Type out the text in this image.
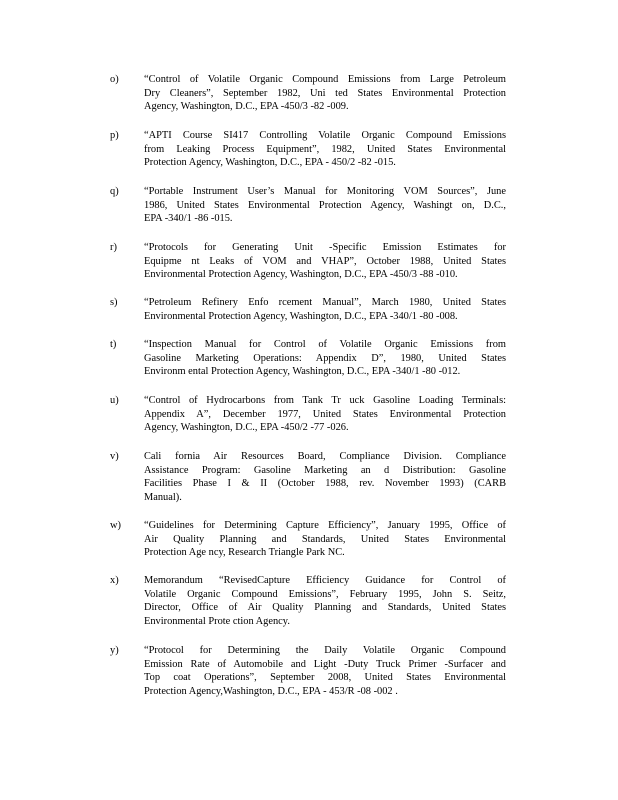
o)	“Control of Volatile Organic Compound Emissions from Large Petroleum
Dry Cleaners”, September 1982, Uni ted States Environmental Protection
Agency, Washington, D.C., EPA -450/3 -82 -009.
p)	“APTI Course SI417 Controlling Volatile Organic Compound Emissions
from Leaking Process Equipment”, 1982, United States Environmental
Protection Agency, Washington, D.C., EPA - 450/2 -82 -015.
q)	“Portable Instrument User’s Manual for Monitoring VOM Sources”, June
1986, United States Environmental Protection Agency, Washingt on, D.C.,
EPA -340/1 -86 -015.
r)	“Protocols for Generating Unit -Specific Emission Estimates for
Equipme nt Leaks of VOM and VHAP”, October 1988, United States
Environmental Protection Agency, Washington, D.C., EPA -450/3 -88 -010.
s)	“Petroleum Refinery Enfo rcement Manual”, March 1980, United States
Environmental Protection Agency, Washington, D.C., EPA -340/1 -80 -008.
t)	“Inspection Manual for Control of Volatile Organic Emissions from
Gasoline Marketing Operations: Appendix D”, 1980, United States
Environm ental Protection Agency, Washington, D.C., EPA -340/1 -80 -012.
u)	“Control of Hydrocarbons from Tank Tr uck Gasoline Loading Terminals:
Appendix A”, December 1977, United States Environmental Protection
Agency, Washington, D.C., EPA -450/2 -77 -026.
v)	Cali fornia Air Resources Board, Compliance Division. Compliance
Assistance Program: Gasoline Marketing an d Distribution: Gasoline
Facilities Phase I & II (October 1988, rev. November 1993) (CARB
Manual).
w)	“Guidelines for Determining Capture Efficiency”, January 1995, Office of
Air Quality Planning and Standards, United States Environmental
Protection Age ncy, Research Triangle Park NC.
x)	Memorandum “RevisedCapture Efficiency Guidance for Control of
Volatile Organic Compound Emissions”, February 1995, John S. Seitz,
Director, Office of Air Quality Planning and Standards, United States
Environmental Prote ction Agency.
y)	“Protocol for Determining the Daily Volatile Organic Compound
Emission Rate of Automobile and Light -Duty Truck Primer -Surfacer and
Top coat Operations”, September 2008, United States Environmental
Protection Agency,Washington, D.C., EPA - 453/R -08 -002 .
